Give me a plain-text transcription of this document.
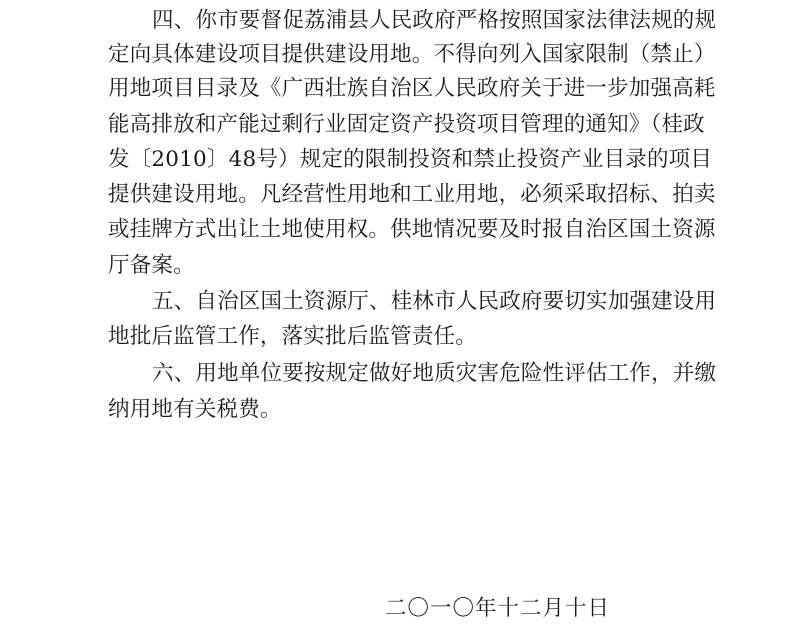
四、你市要督促荔浦县人民政府严格按照国家法律法规的规
定向具体建设项目提供建设用地。不得向列入国家限制（禁止）
用地项目目录及《广西壮族自治区人民政府关于进一步加强高耗
能高排放和产能过剩行业固定资产投资项目管理的通知》（桂政
发〔2010〕48号）规定的限制投资和禁止投资产业目录的项目
提供建设用地。凡经营性用地和工业用地，必须采取招标、拍卖
或挂牌方式出让土地使用权。供地情况要及时报自治区国土资源
厅备案。
五、自治区国土资源厅、桂林市人民政府要切实加强建设用
地批后监管工作，落实批后监管责任。
六、用地单位要按规定做好地质灾害危险性评估工作，并缴
纳用地有关税费。
二〇一〇年十二月十日
